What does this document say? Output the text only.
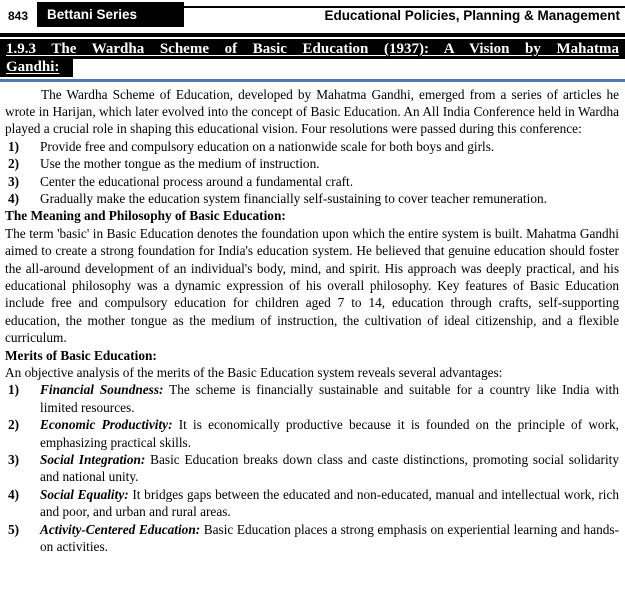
843	Bettani Series	Educational Policies, Planning & Management
1.9.3 The Wardha Scheme of Basic Education (1937): A Vision by Mahatma
Gandhi:

The Wardha Scheme of Education, developed by Mahatma Gandhi, emerged from a series of articles he wrote in Harijan, which later evolved into the concept of Basic Education. An All India Conference held in Wardha played a crucial role in shaping this educational vision. Four resolutions were passed during this conference:

1) Provide free and compulsory education on a nationwide scale for both boys and girls.
2) Use the mother tongue as the medium of instruction.
3) Center the educational process around a fundamental craft.
4) Gradually make the education system financially self-sustaining to cover teacher remuneration.

The Meaning and Philosophy of Basic Education:

The term 'basic' in Basic Education denotes the foundation upon which the entire system is built. Mahatma Gandhi aimed to create a strong foundation for India's education system. He believed that genuine education should foster the all-around development of an individual's body, mind, and spirit. His approach was deeply practical, and his educational philosophy was a dynamic expression of his overall philosophy. Key features of Basic Education include free and compulsory education for children aged 7 to 14, education through crafts, self-supporting education, the mother tongue as the medium of instruction, the cultivation of ideal citizenship, and a flexible curriculum.

Merits of Basic Education:

An objective analysis of the merits of the Basic Education system reveals several advantages:

1) Financial Soundness: The scheme is financially sustainable and suitable for a country like India with limited resources.
2) Economic Productivity: It is economically productive because it is founded on the principle of work, emphasizing practical skills.
3) Social Integration: Basic Education breaks down class and caste distinctions, promoting social solidarity and national unity.
4) Social Equality: It bridges gaps between the educated and non-educated, manual and intellectual work, rich and poor, and urban and rural areas.
5) Activity-Centered Education: Basic Education places a strong emphasis on experiential learning and hands-on activities.
